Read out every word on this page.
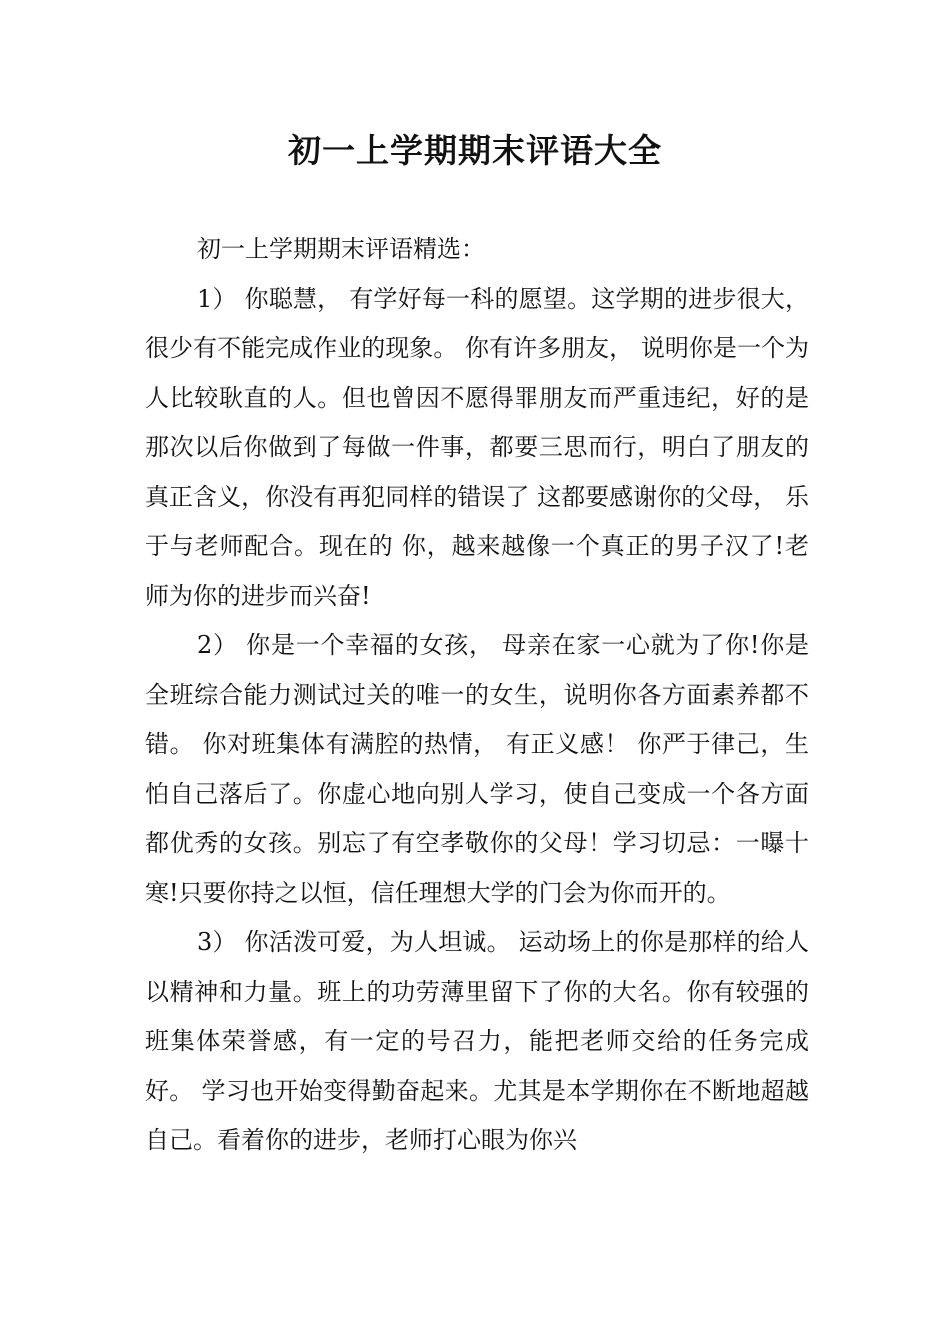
初一上学期期末评语大全

初一上学期期末评语精选：

1） 你聪慧， 有学好每一科的愿望。这学期的进步很大， 很少有不能完成作业的现象。 你有许多朋友， 说明你是一个为人比较耿直的人。但也曾因不愿得罪朋友而严重违纪，好的是那次以后你做到了每做一件事，都要三思而行，明白了朋友的真正含义，你没有再犯同样的错误了 这都要感谢你的父母， 乐于与老师配合。现在的 你，越来越像一个真正的男子汉了!老师为你的进步而兴奋!

2） 你是一个幸福的女孩， 母亲在家一心就为了你!你是全班综合能力测试过关的唯一的女生，说明你各方面素养都不错。 你对班集体有满腔的热情， 有正义感！ 你严于律己，生怕自己落后了。你虚心地向别人学习，使自己变成一个各方面都优秀的女孩。别忘了有空孝敬你的父母！学习切忌：一曝十寒!只要你持之以恒，信任理想大学的门会为你而开的。

3） 你活泼可爱，为人坦诚。 运动场上的你是那样的给人以精神和力量。班上的功劳薄里留下了你的大名。你有较强的班集体荣誉感，有一定的号召力，能把老师交给的任务完成好。 学习也开始变得勤奋起来。尤其是本学期你在不断地超越自己。看着你的进步，老师打心眼为你兴
